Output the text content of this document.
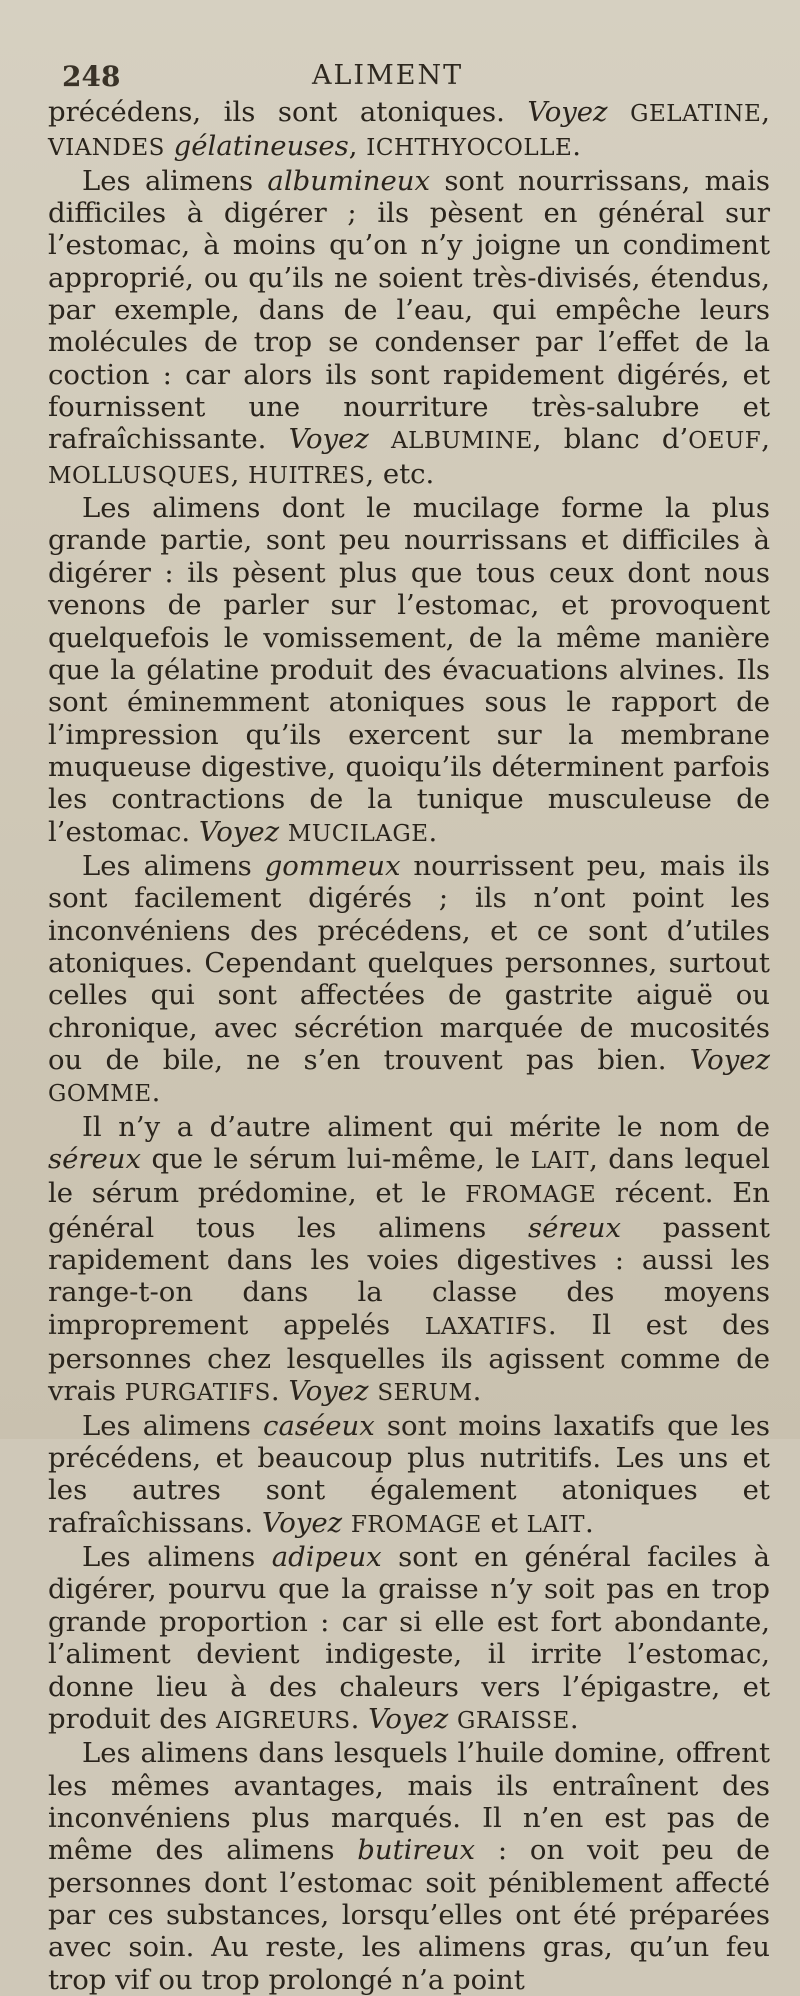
248	ALIMENT

précédens, ils sont atoniques. Voyez GELATINE, VIANDES gélatineuses, ICHTHYOCOLLE.

Les alimens albumineux sont nourrissans, mais difficiles à digérer ; ils pèsent en général sur l’estomac, à moins qu’on n’y joigne un condiment approprié, ou qu’ils ne soient très-divisés, étendus, par exemple, dans de l’eau, qui empêche leurs molécules de trop se condenser par l’effet de la coction : car alors ils sont rapidement digérés, et fournissent une nourriture très-salubre et rafraîchissante. Voyez ALBUMINE, blanc d’OEUF, MOLLUSQUES, HUITRES, etc.

Les alimens dont le mucilage forme la plus grande partie, sont peu nourrissans et difficiles à digérer : ils pèsent plus que tous ceux dont nous venons de parler sur l’estomac, et provoquent quelquefois le vomissement, de la même manière que la gélatine produit des évacuations alvines. Ils sont éminemment atoniques sous le rapport de l’impression qu’ils exercent sur la membrane muqueuse digestive, quoiqu’ils déterminent parfois les contractions de la tunique musculeuse de l’estomac. Voyez MUCILAGE.

Les alimens gommeux nourrissent peu, mais ils sont facilement digérés ; ils n’ont point les inconvéniens des précédens, et ce sont d’utiles atoniques. Cependant quelques personnes, surtout celles qui sont affectées de gastrite aiguë ou chronique, avec sécrétion marquée de mucosités ou de bile, ne s’en trouvent pas bien. Voyez GOMME.

Il n’y a d’autre aliment qui mérite le nom de séreux que le sérum lui-même, le LAIT, dans lequel le sérum prédomine, et le FROMAGE récent. En général tous les alimens séreux passent rapidement dans les voies digestives : aussi les range-t-on dans la classe des moyens improprement appelés LAXATIFS. Il est des personnes chez lesquelles ils agissent comme de vrais PURGATIFS. Voyez SERUM.

Les alimens caséeux sont moins laxatifs que les précédens, et beaucoup plus nutritifs. Les uns et les autres sont également atoniques et rafraîchissans. Voyez FROMAGE et LAIT.

Les alimens adipeux sont en général faciles à digérer, pourvu que la graisse n’y soit pas en trop grande proportion : car si elle est fort abondante, l’aliment devient indigeste, il irrite l’estomac, donne lieu à des chaleurs vers l’épigastre, et produit des AIGREURS. Voyez GRAISSE.

Les alimens dans lesquels l’huile domine, offrent les mêmes avantages, mais ils entraînent des inconvéniens plus marqués. Il n’en est pas de même des alimens butireux : on voit peu de personnes dont l’estomac soit péniblement affecté par ces substances, lorsqu’elles ont été préparées avec soin. Au reste, les alimens gras, qu’un feu trop vif ou trop prolongé n’a point
